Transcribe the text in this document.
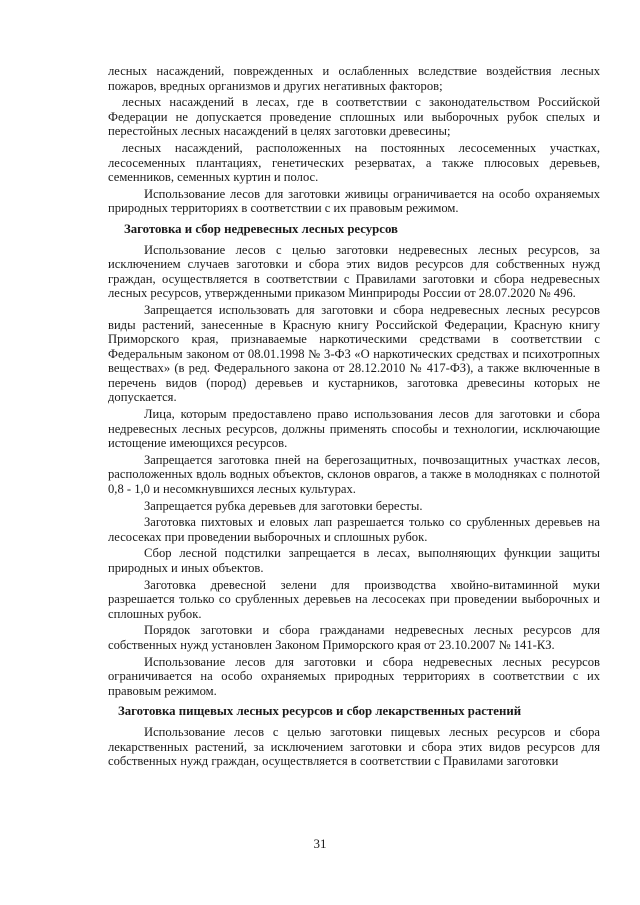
лесных насаждений, поврежденных и ослабленных вследствие воздействия лесных пожаров, вредных организмов и других негативных факторов;

лесных насаждений в лесах, где в соответствии с законодательством Российской Федерации не допускается проведение сплошных или выборочных рубок спелых и перестойных лесных насаждений в целях заготовки древесины;

лесных насаждений, расположенных на постоянных лесосеменных участках, лесосеменных плантациях, генетических резерватах, а также плюсовых деревьев, семенников, семенных куртин и полос.

Использование лесов для заготовки живицы ограничивается на особо охраняемых природных территориях в соответствии с их правовым режимом.

Заготовка и сбор недревесных лесных ресурсов

Использование лесов с целью заготовки недревесных лесных ресурсов, за исключением случаев заготовки и сбора этих видов ресурсов для собственных нужд граждан, осуществляется в соответствии с Правилами заготовки и сбора недревесных лесных ресурсов, утвержденными приказом Минприроды России от 28.07.2020 № 496.

Запрещается использовать для заготовки и сбора недревесных лесных ресурсов виды растений, занесенные в Красную книгу Российской Федерации, Красную книгу Приморского края, признаваемые наркотическими средствами в соответствии с Федеральным законом от 08.01.1998 № 3-ФЗ «О наркотических средствах и психотропных веществах» (в ред. Федерального закона от 28.12.2010 № 417-ФЗ), а также включенные в перечень видов (пород) деревьев и кустарников, заготовка древесины которых не допускается.

Лица, которым предоставлено право использования лесов для заготовки и сбора недревесных лесных ресурсов, должны применять способы и технологии, исключающие истощение имеющихся ресурсов.

Запрещается заготовка пней на берегозащитных, почвозащитных участках лесов, расположенных вдоль водных объектов, склонов оврагов, а также в молодняках с полнотой 0,8 - 1,0 и несомкнувшихся лесных культурах.

Запрещается рубка деревьев для заготовки бересты.

Заготовка пихтовых и еловых лап разрешается только со срубленных деревьев на лесосеках при проведении выборочных и сплошных рубок.

Сбор лесной подстилки запрещается в лесах, выполняющих функции защиты природных и иных объектов.

Заготовка древесной зелени для производства хвойно-витаминной муки разрешается только со срубленных деревьев на лесосеках при проведении выборочных и сплошных рубок.

Порядок заготовки и сбора гражданами недревесных лесных ресурсов для собственных нужд установлен Законом Приморского края от 23.10.2007 № 141-КЗ.

Использование лесов для заготовки и сбора недревесных лесных ресурсов ограничивается на особо охраняемых природных территориях в соответствии с их правовым режимом.

Заготовка пищевых лесных ресурсов и сбор лекарственных растений

Использование лесов с целью заготовки пищевых лесных ресурсов и сбора лекарственных растений, за исключением заготовки и сбора этих видов ресурсов для собственных нужд граждан, осуществляется в соответствии с Правилами заготовки

31
